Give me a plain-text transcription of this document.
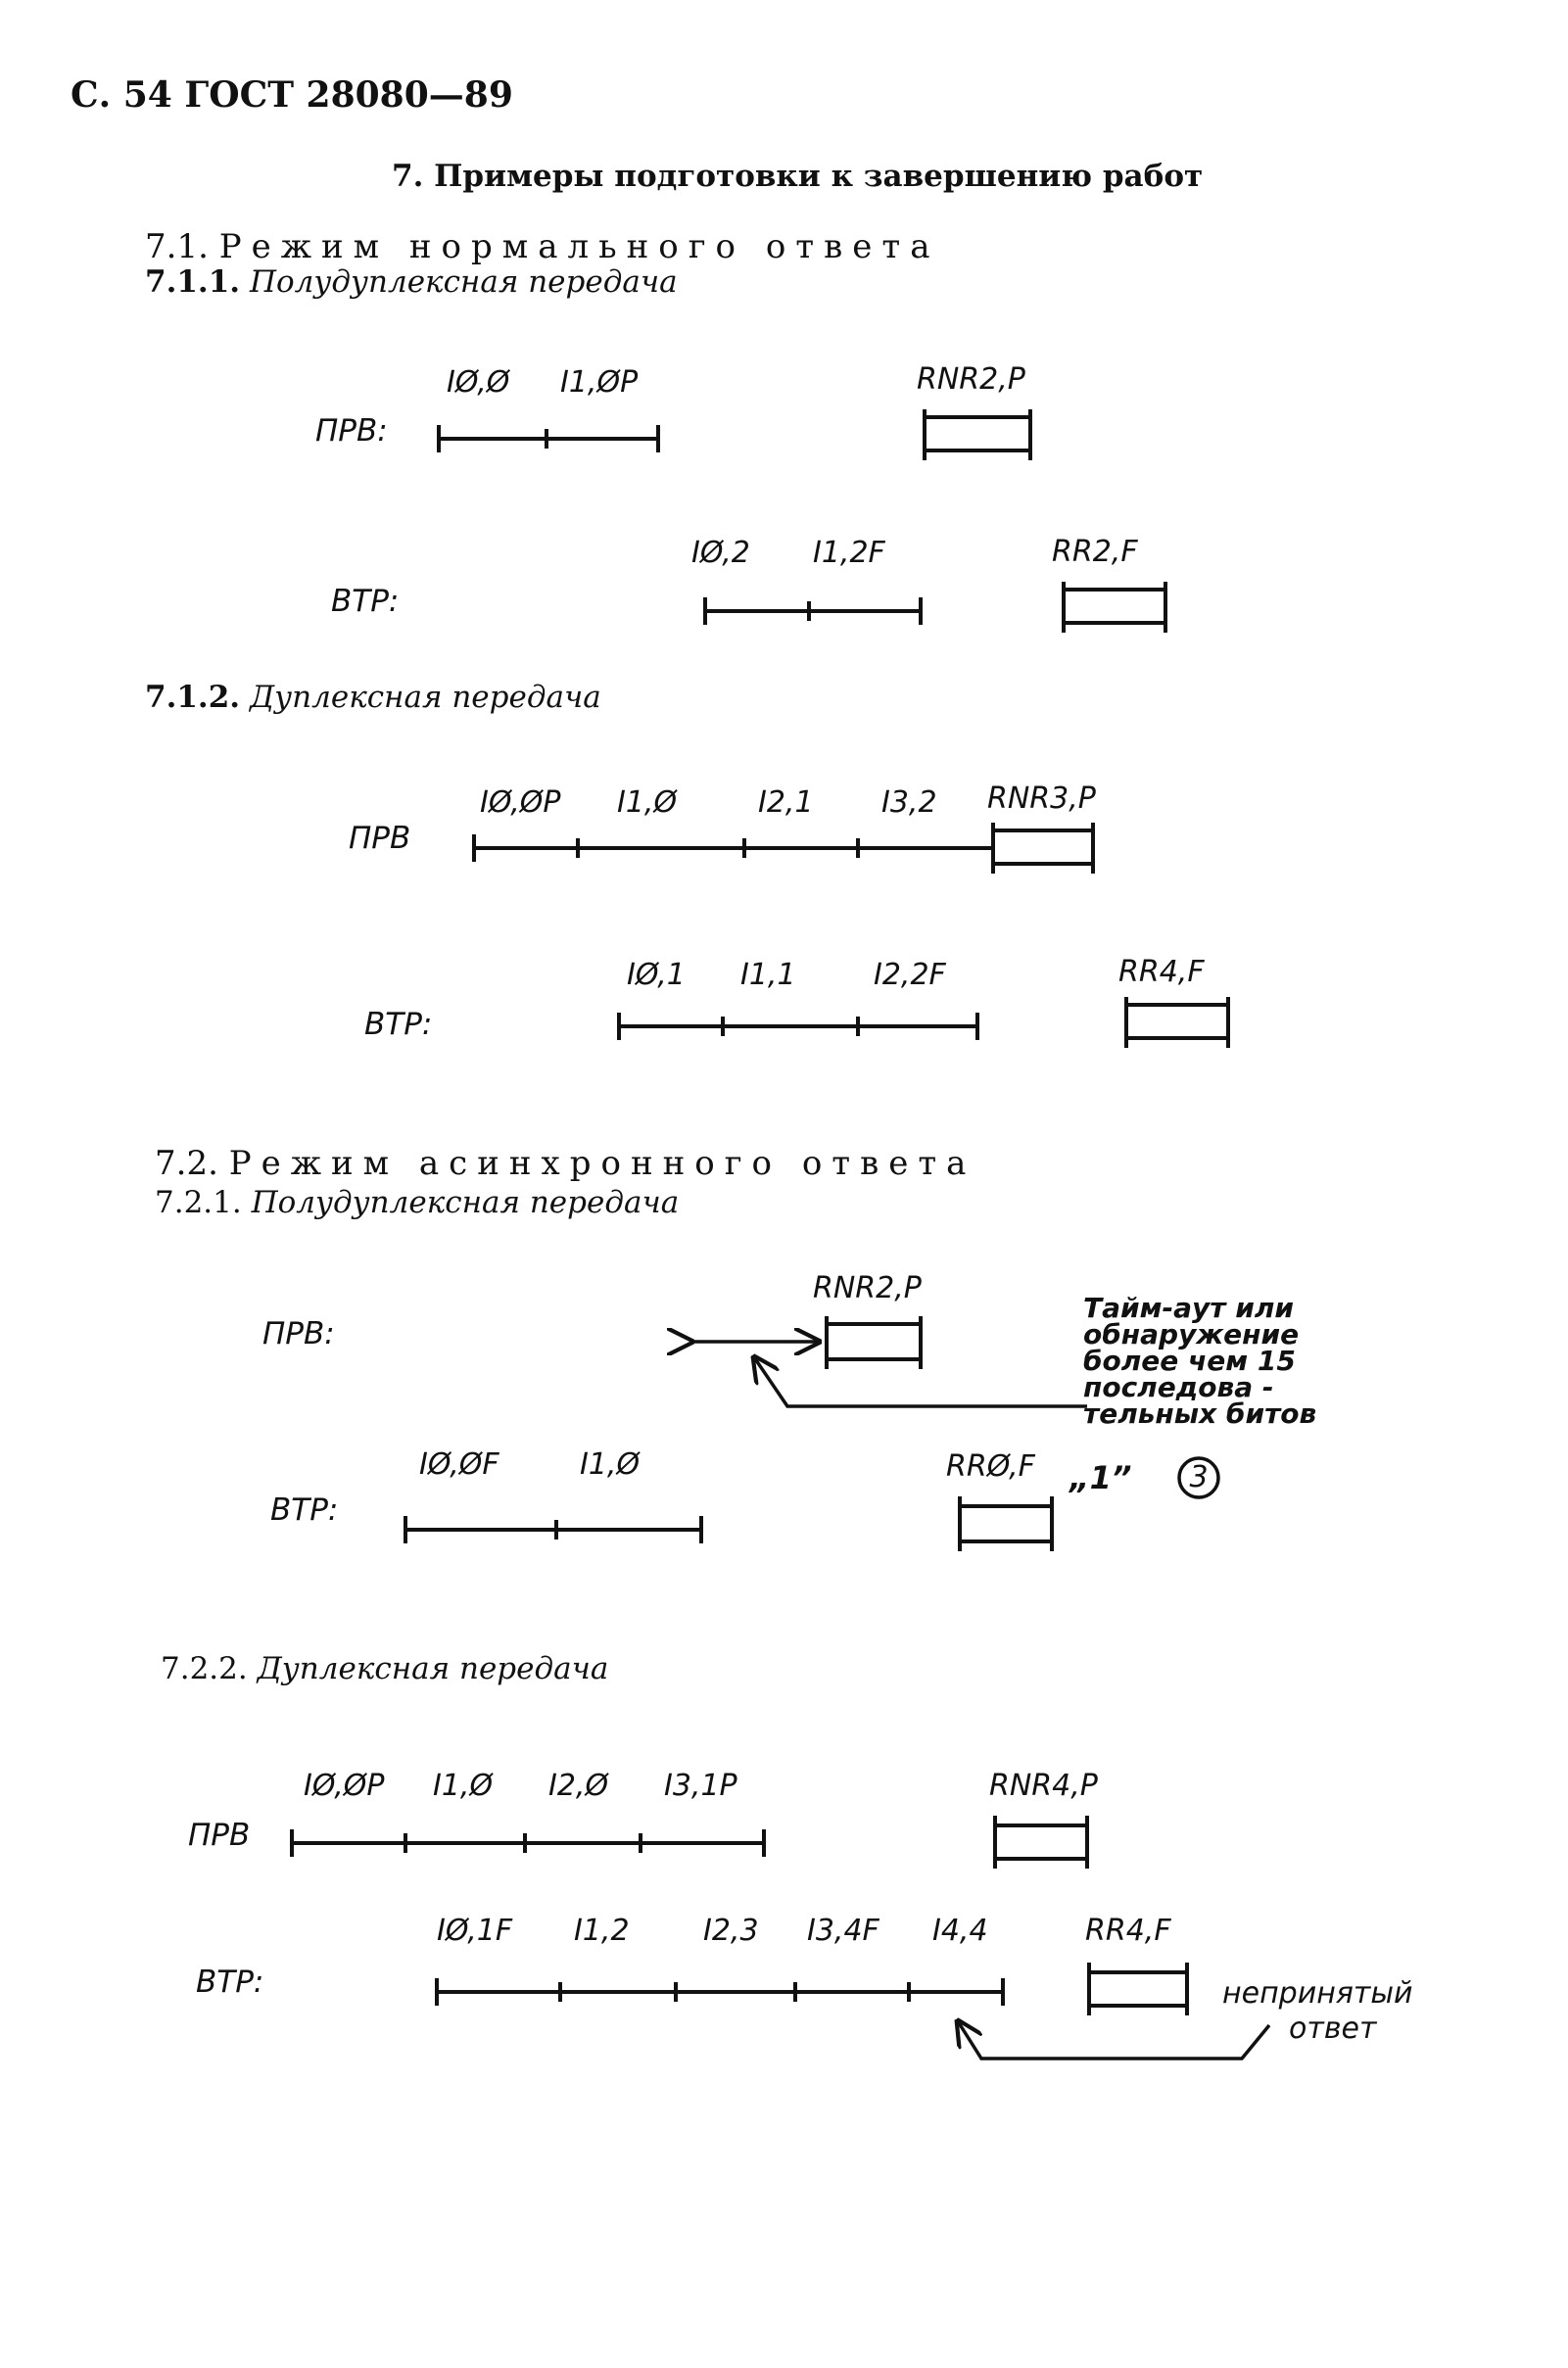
С. 54 ГОСТ 28080—89
7. Примеры подготовки к завершению работ
7.1. Режим нормального ответа
7.1.1. Полудуплексная передача
ПРВ:
IØ,Ø I1,ØP	RNR2,P
ВТР:
IØ,2 I1,2F	RR2,F
7.1.2. Дуплексная передача
ПРВ
IØ,ØP I1,Ø	I2,1 I3,2 RNR3,P
ВТР:
IØ,1 I1,1	I2,2F	RR4,F
7.2. Режим асинхронного ответа
7.2.1. Полудуплексная передача
ПРВ:
RNR2,P
Тайм-аут или
обнаружение
более чем 15
последова -
тельных битов
„1” 3
ВТР:
IØ,ØF	I1,Ø	RRØ,F
7.2.2. Дуплексная передача
ПРВ
IØ,ØP I1,Ø I2,Ø I3,1P	RNR4,P
ВТР:
IØ,1F I1,2	I2,3 I3,4F I4,4	RR4,F
непринятый
ответ
